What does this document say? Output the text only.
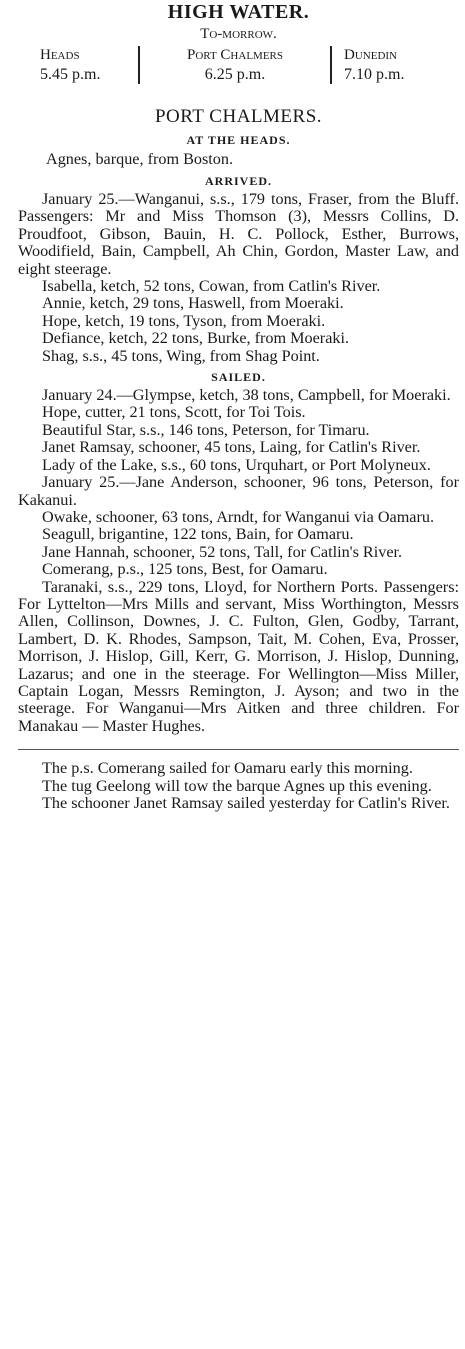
HIGH WATER.
To-morrow.
Heads
5.45 p.m.
Port Chalmers
6.25 p.m.
Dunedin
7.10 p.m.
PORT CHALMERS.
AT THE HEADS.

Agnes, barque, from Boston.

ARRIVED.

January 25.—Wanganui, s.s., 179 tons, Fraser, from the Bluff. Passengers: Mr and Miss Thomson (3), Messrs Collins, D. Proudfoot, Gibson, Bauin, H. C. Pollock, Esther, Burrows, Woodifield, Bain, Campbell, Ah Chin, Gordon, Master Law, and eight steerage.

Isabella, ketch, 52 tons, Cowan, from Catlin's River.

Annie, ketch, 29 tons, Haswell, from Moeraki.

Hope, ketch, 19 tons, Tyson, from Moeraki.

Defiance, ketch, 22 tons, Burke, from Moeraki.

Shag, s.s., 45 tons, Wing, from Shag Point.

SAILED.

January 24.—Glympse, ketch, 38 tons, Campbell, for Moeraki.

Hope, cutter, 21 tons, Scott, for Toi Tois.

Beautiful Star, s.s., 146 tons, Peterson, for Timaru.

Janet Ramsay, schooner, 45 tons, Laing, for Catlin's River.

Lady of the Lake, s.s., 60 tons, Urquhart, or Port Molyneux.

January 25.—Jane Anderson, schooner, 96 tons, Peterson, for Kakanui.

Owake, schooner, 63 tons, Arndt, for Wanganui via Oamaru.

Seagull, brigantine, 122 tons, Bain, for Oamaru.

Jane Hannah, schooner, 52 tons, Tall, for Catlin's River.

Comerang, p.s., 125 tons, Best, for Oamaru.

Taranaki, s.s., 229 tons, Lloyd, for Northern Ports. Passengers: For Lyttelton—Mrs Mills and servant, Miss Worthington, Messrs Allen, Collinson, Downes, J. C. Fulton, Glen, Godby, Tarrant, Lambert, D. K. Rhodes, Sampson, Tait, M. Cohen, Eva, Prosser, Morrison, J. Hislop, Gill, Kerr, G. Morrison, J. Hislop, Dunning, Lazarus; and one in the steerage. For Wellington—Miss Miller, Captain Logan, Messrs Remington, J. Ayson; and two in the steerage. For Wanganui—Mrs Aitken and three children. For Manakau — Master Hughes.

The p.s. Comerang sailed for Oamaru early this morning.

The tug Geelong will tow the barque Agnes up this evening.

The schooner Janet Ramsay sailed yesterday for Catlin's River.
